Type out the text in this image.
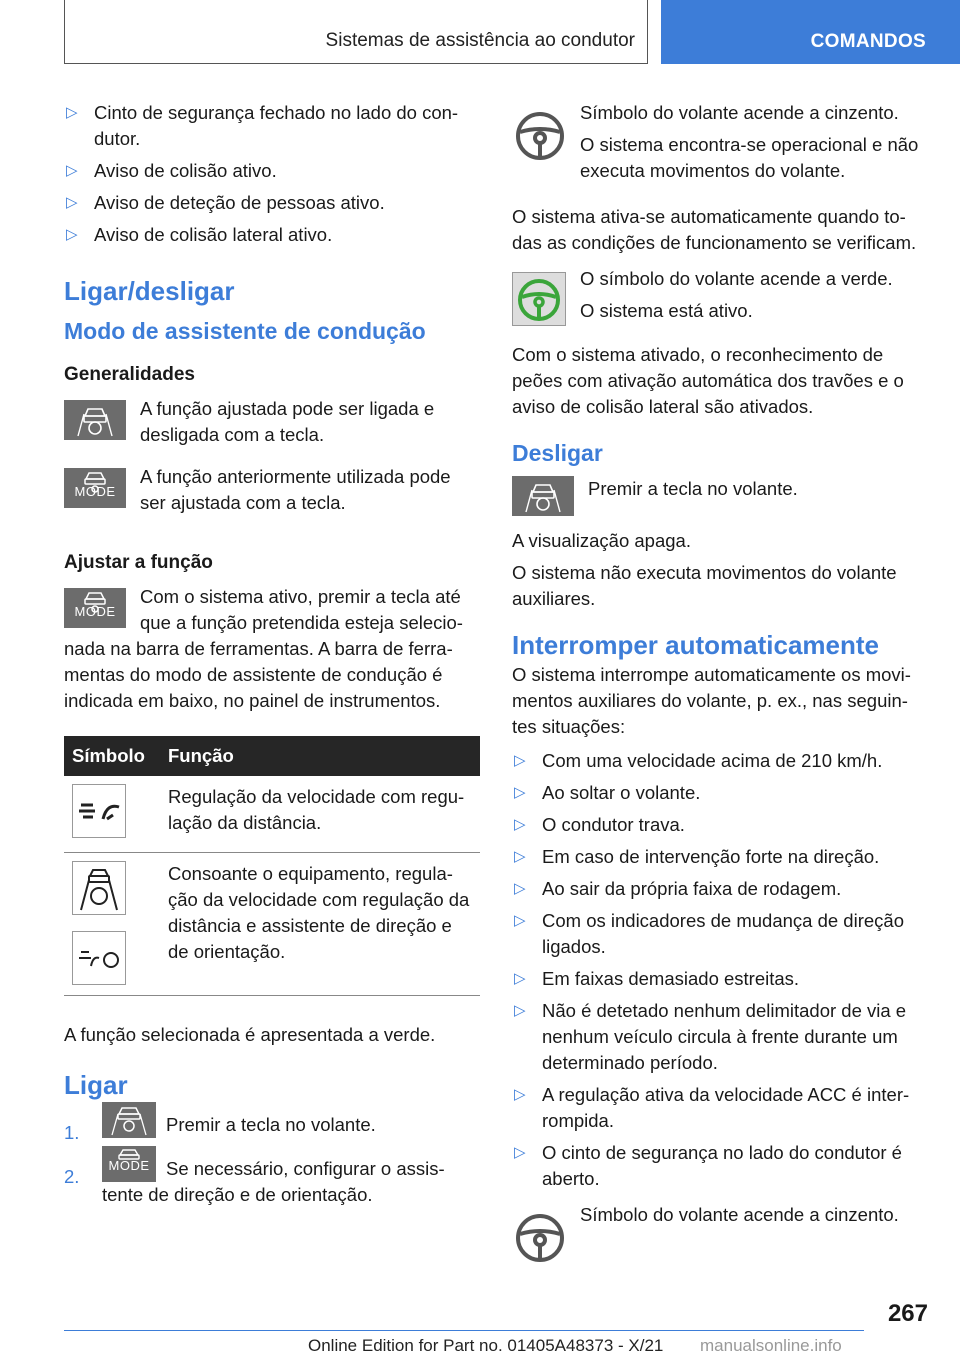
Sistemas de assistência ao condutor	COMANDOS
▷ Cinto de segurança fechado no lado do con-dutor.
▷ Aviso de colisão ativo.
▷ Aviso de deteção de pessoas ativo.
▷ Aviso de colisão lateral ativo.
Ligar/desligar
Modo de assistente de condução
Generalidades

A função ajustada pode ser ligada e desligada com a tecla.

MODE

A função anteriormente utilizada pode ser ajustada com a tecla.

Ajustar a função
MODE

Com o sistema ativo, premir a tecla até que a função pretendida esteja selecio-nada na barra de ferramentas. A barra de ferra-mentas do modo de assistente de condução é indicada em baixo, no painel de instrumentos.

Símbolo	Função

	Regulação da velocidade com regu-lação da distância.

	Consoante o equipamento, regula-ção da velocidade com regulação da distância e assistente de direção e de orientação.

A função selecionada é apresentada a verde.

Ligar
1.	Premir a tecla no volante.
2.
MODE Se necessário, configurar o assis-tente de direção e de orientação.

Símbolo do volante acende a cinzento.

O sistema encontra-se operacional e não executa movimentos do volante.

O sistema ativa-se automaticamente quando to-das as condições de funcionamento se verificam.

O símbolo do volante acende a verde.

O sistema está ativo.

Com o sistema ativado, o reconhecimento de peões com ativação automática dos travões e o aviso de colisão lateral são ativados.

Desligar

Premir a tecla no volante.

A visualização apaga.

O sistema não executa movimentos do volante auxiliares.

Interromper automaticamente

O sistema interrompe automaticamente os movi-mentos auxiliares do volante, p. ex., nas seguin-tes situações:

▷ Com uma velocidade acima de 210 km/h.
▷ Ao soltar o volante.
▷ O condutor trava.
▷ Em caso de intervenção forte na direção.
▷ Ao sair da própria faixa de rodagem.
▷ Com os indicadores de mudança de direção ligados.
▷ Em faixas demasiado estreitas.
▷ Não é detetado nenhum delimitador de via e nenhum veículo circula à frente durante um determinado período.
▷ A regulação ativa da velocidade ACC é inter-rompida.
▷ O cinto de segurança no lado do condutor é aberto.

Símbolo do volante acende a cinzento.

267
Online Edition for Part no. 01405A48373 - X/21 manualsonline.info
